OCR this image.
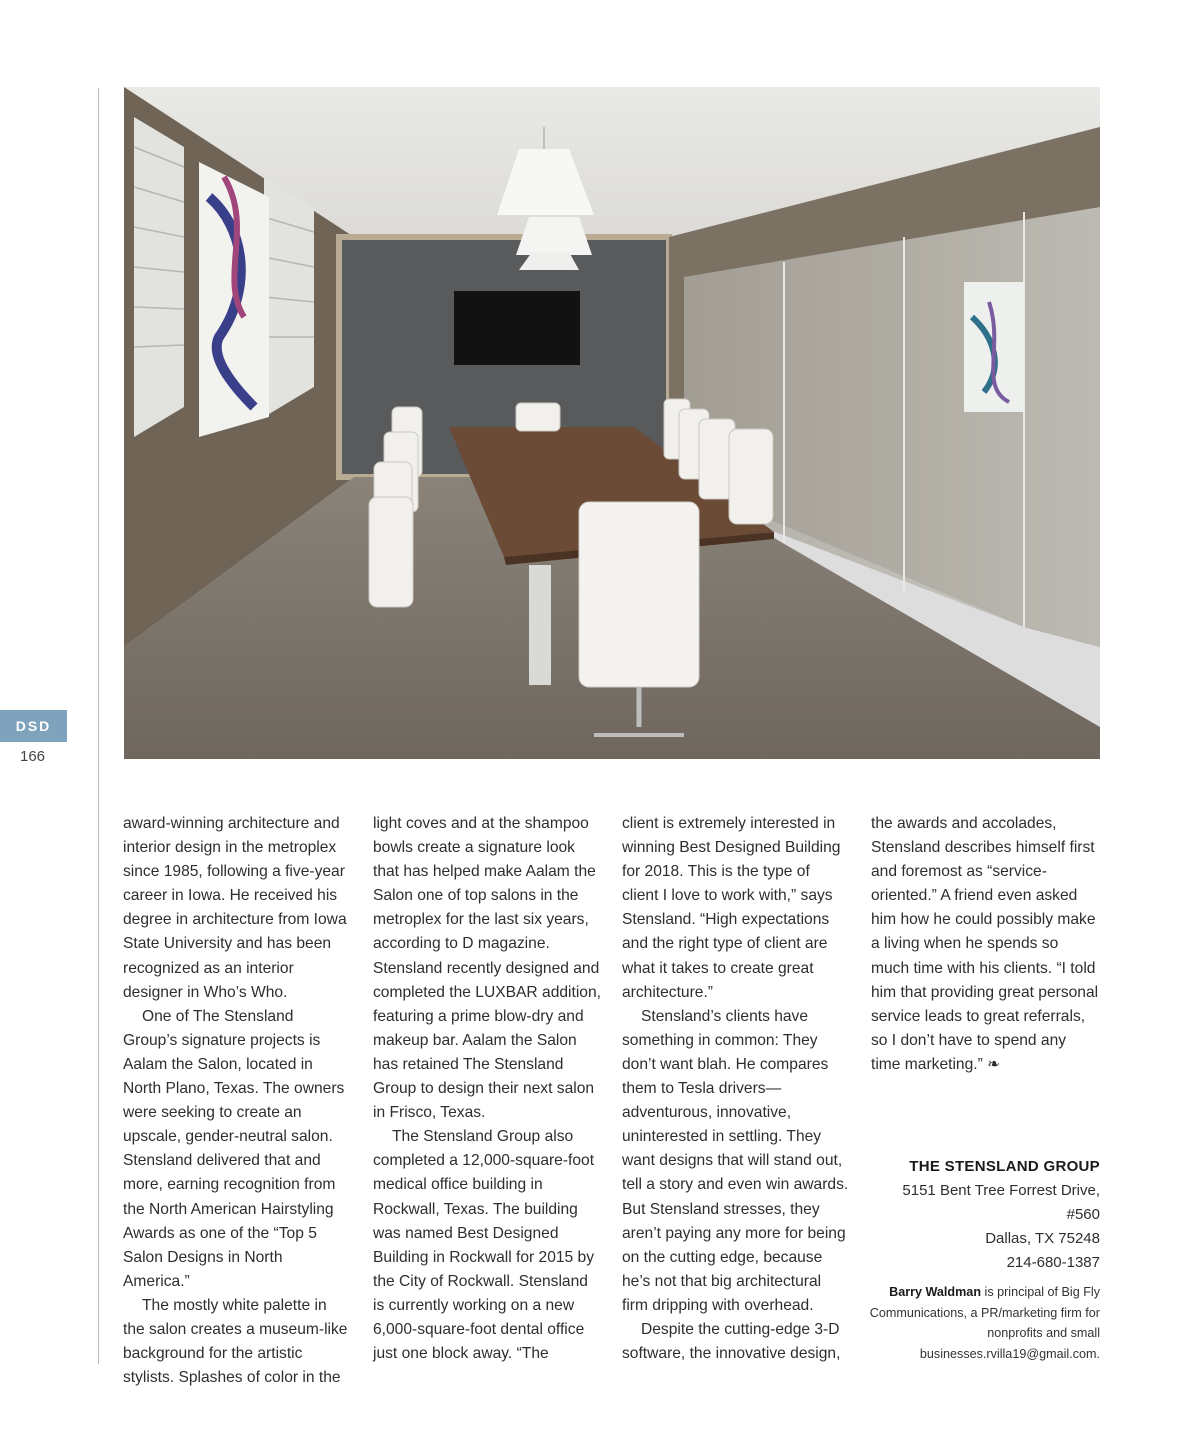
DSD
166

award-winning architecture and interior design in the metroplex since 1985, following a five-year career in Iowa. He received his degree in architecture from Iowa State University and has been recognized as an interior designer in Who’s Who.

One of The Stensland Group’s signature projects is Aalam the Salon, located in North Plano, Texas. The owners were seeking to create an upscale, gender-neutral salon. Stensland delivered that and more, earning recognition from the North American Hairstyling Awards as one of the “Top 5 Salon Designs in North America.”

The mostly white palette in the salon creates a museum-like background for the artistic stylists. Splashes of color in the

light coves and at the shampoo bowls create a signature look that has helped make Aalam the Salon one of top salons in the metroplex for the last six years, according to D magazine. Stensland recently designed and completed the LUXBAR addition, featuring a prime blow-dry and makeup bar. Aalam the Salon has retained The Stensland Group to design their next salon in Frisco, Texas.

The Stensland Group also completed a 12,000-square-foot medical office building in Rockwall, Texas. The building was named Best Designed Building in Rockwall for 2015 by the City of Rockwall. Stensland is currently working on a new 6,000-square-foot dental office just one block away. “The

client is extremely interested in winning Best Designed Building for 2018. This is the type of client I love to work with,” says Stensland. “High expectations and the right type of client are what it takes to create great architecture.”

Stensland’s clients have something in common: They don’t want blah. He compares them to Tesla drivers—adventurous, innovative, uninterested in settling. They want designs that will stand out, tell a story and even win awards. But Stensland stresses, they aren’t paying any more for being on the cutting edge, because he’s not that big architectural firm dripping with overhead.

Despite the cutting-edge 3-D software, the innovative design,

the awards and accolades, Stensland describes himself first and foremost as “service-oriented.” A friend even asked him how he could possibly make a living when he spends so much time with his clients. “I told him that providing great personal service leads to great referrals, so I don’t have to spend any time marketing.” ❧

THE STENSLAND GROUP
5151 Bent Tree Forrest Drive,
#560
Dallas, TX 75248
214-680-1387
Barry Waldman is principal of Big Fly Communications, a PR/marketing firm for nonprofits and small businesses.rvilla19@gmail.com.
